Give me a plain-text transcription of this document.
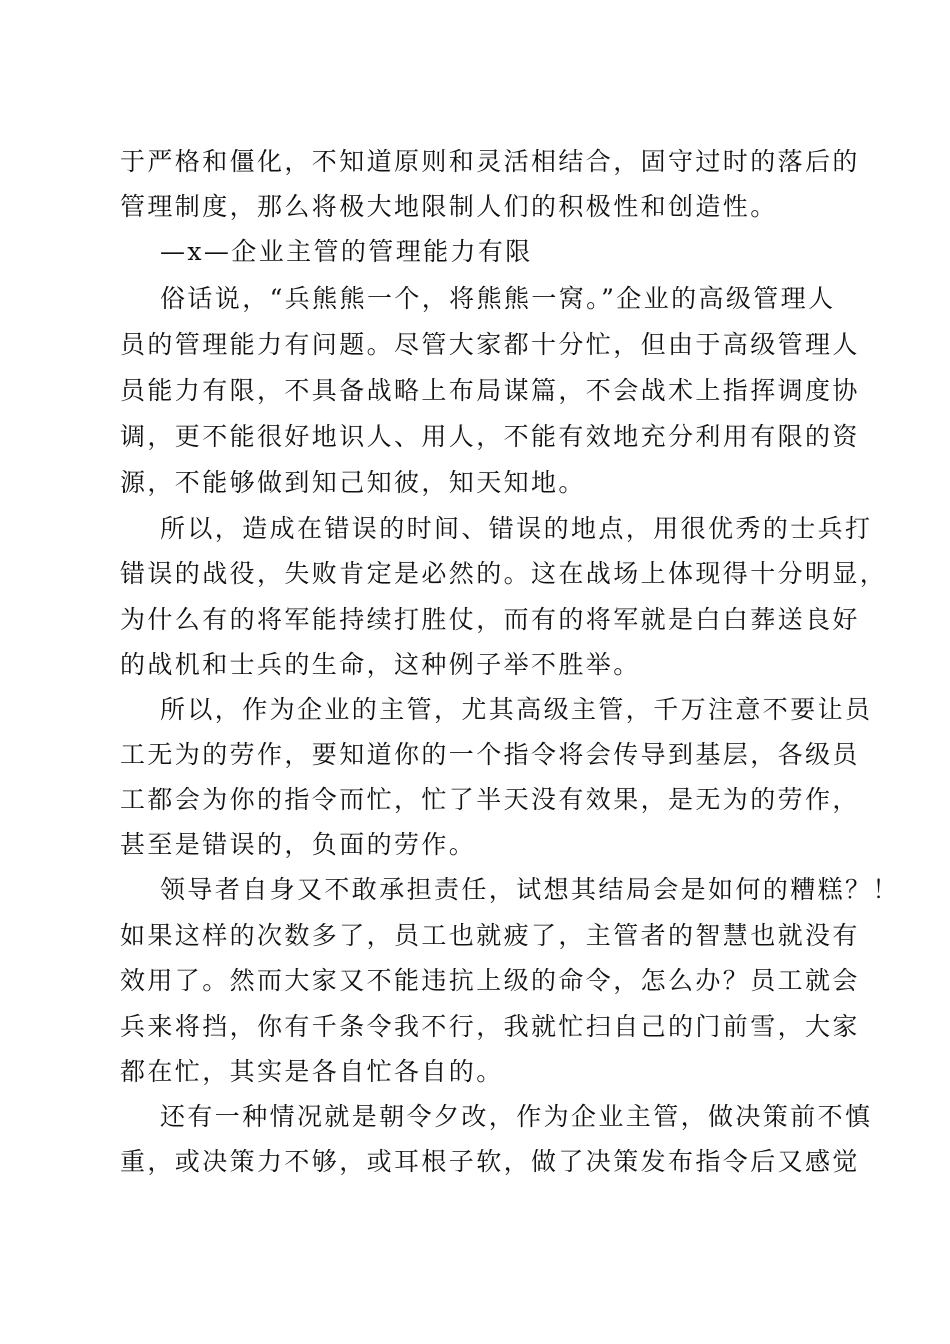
于严格和僵化，不知道原则和灵活相结合，固守过时的落后的
管理制度，那么将极大地限制人们的积极性和创造性。
—x—企业主管的管理能力有限
俗话说，“兵熊熊一个，将熊熊一窝。”企业的高级管理人
员的管理能力有问题。尽管大家都十分忙，但由于高级管理人
员能力有限，不具备战略上布局谋篇，不会战术上指挥调度协
调，更不能很好地识人、用人，不能有效地充分利用有限的资
源，不能够做到知己知彼，知天知地。
所以，造成在错误的时间、错误的地点，用很优秀的士兵打
错误的战役，失败肯定是必然的。这在战场上体现得十分明显，
为什么有的将军能持续打胜仗，而有的将军就是白白葬送良好
的战机和士兵的生命，这种例子举不胜举。
所以，作为企业的主管，尤其高级主管，千万注意不要让员
工无为的劳作，要知道你的一个指令将会传导到基层，各级员
工都会为你的指令而忙，忙了半天没有效果，是无为的劳作，
甚至是错误的，负面的劳作。
领导者自身又不敢承担责任，试想其结局会是如何的糟糕？！
如果这样的次数多了，员工也就疲了，主管者的智慧也就没有
效用了。然而大家又不能违抗上级的命令，怎么办？员工就会
兵来将挡，你有千条令我不行，我就忙扫自己的门前雪，大家
都在忙，其实是各自忙各自的。
还有一种情况就是朝令夕改，作为企业主管，做决策前不慎
重，或决策力不够，或耳根子软，做了决策发布指令后又感觉
